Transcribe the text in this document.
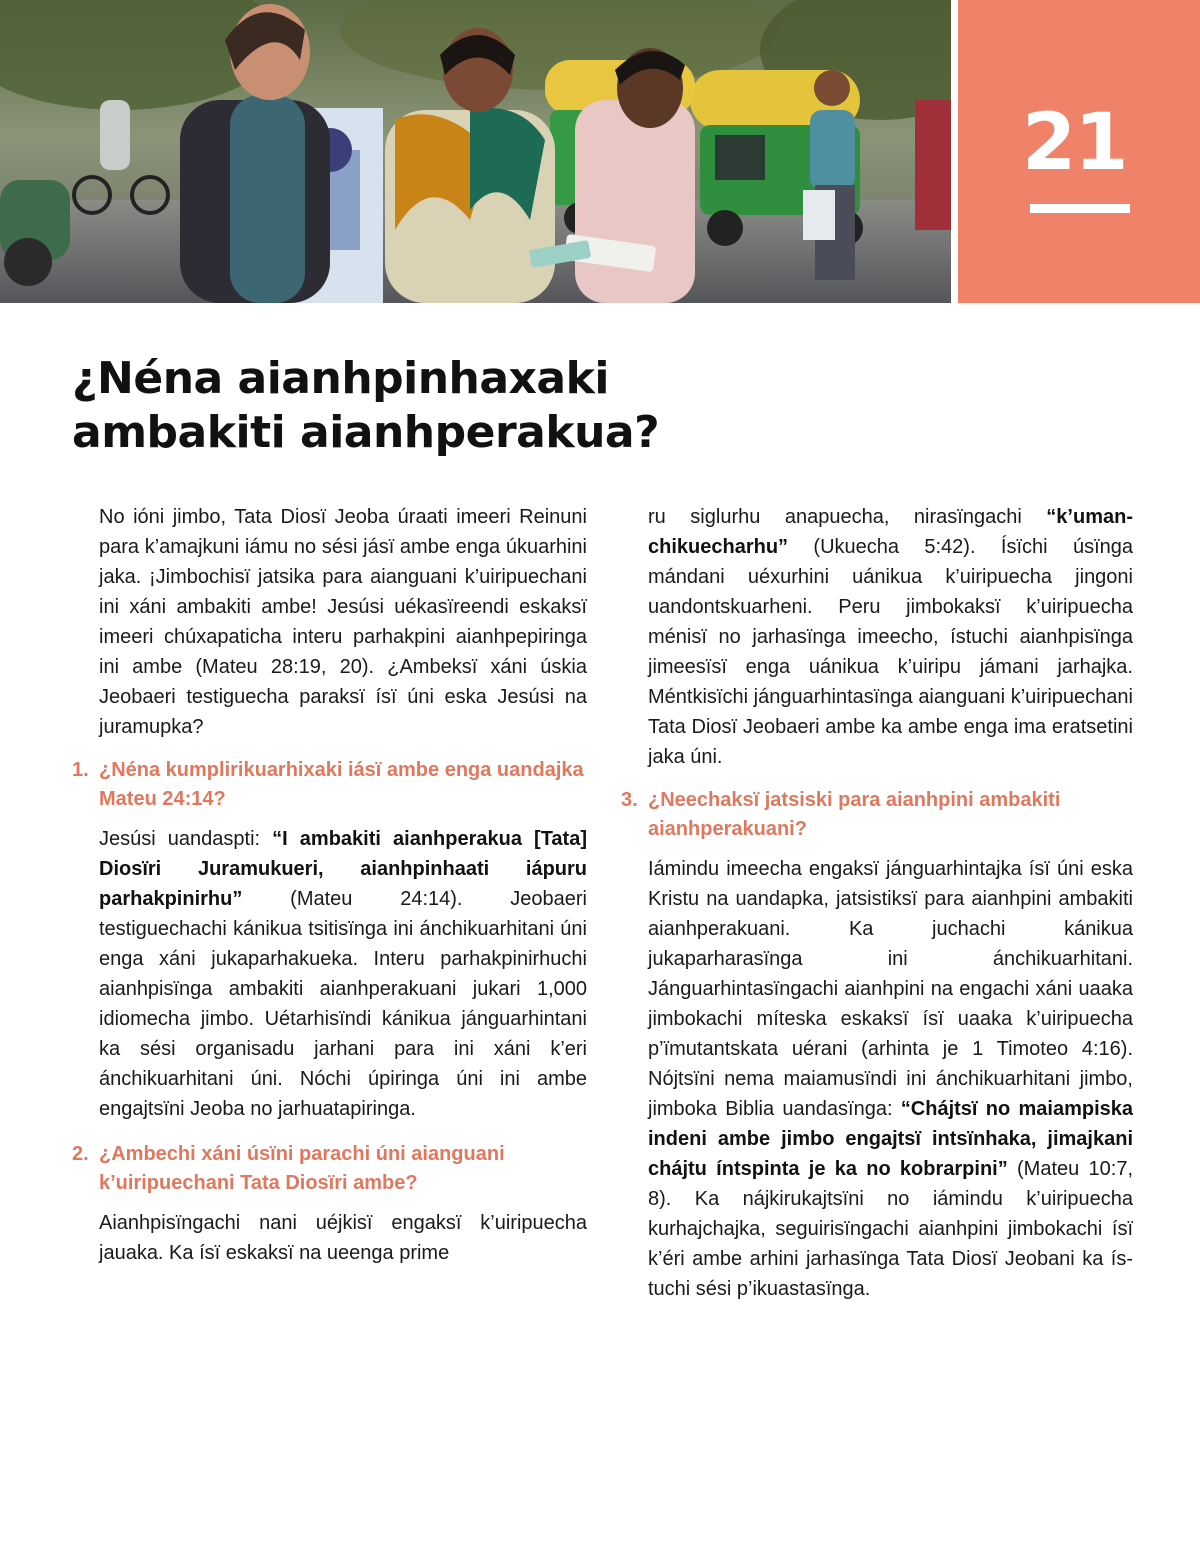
21
¿Néna aianhpinhaxaki
ambakiti aianhperakua?

No ióni jimbo, Tata Diosï Jeoba úraati imeeri Reinuni para k’amajkuni iámu no sési jásï ambe enga úkuarhini jaka. ¡Jimbochisï jatsika para aianguani k’uiripuechani ini xáni ambakiti ambe! Jesúsi uékasïreendi eskaksï imeeri chúxapaticha interu parhakpini aianhpepiringa ini ambe (Mateu 28:19, 20). ¿Ambeksï xáni úskia Jeobaeri testiguecha paraksï ísï úni eska Jesúsi na juramupka?

1. ¿Néna kumplirikuarhixaki iásï ambe enga uandajka Mateu 24:14?

Jesúsi uandaspti: “I ambakiti aianhperakua [Tata] Diosïri Juramukueri, aianhpinhaati iápuru parhakpinirhu” (Mateu 24:14). Jeobaeri testiguechachi kánikua tsitisïnga ini ánchikuarhitani úni enga xáni jukaparhakueka. Interu parhakpinirhuchi aianhpisïnga ambakiti aianhperakuani jukari 1,000 idiomecha jimbo. Uétarhisïndi kánikua jánguarhintani ka sési organisadu jarhani para ini xáni k’eri ánchikuarhitani úni. Nóchi úpiringa úni ini ambe engajtsïni Jeoba no jarhuatapiringa.

2. ¿Ambechi xáni úsïni parachi úni aianguani k’uiripuechani Tata Diosïri ambe?

Aianhpisïngachi nani uéjkisï engaksï k’uiripuecha jauaka. Ka ísï eskaksï na ueenga prime

ru siglurhu anapuecha, nirasïngachi “k’umanchikuecharhu” (Ukuecha 5:42). Ísïchi úsïnga mándani uéxurhini uánikua k’uiripuecha jingoni uandontskuarheni. Peru jimbokaksï k’uiripuecha ménisï no jarhasïnga imeecho, ístuchi aianhpisïnga jimeesïsï enga uánikua k’uiripu jámani jarhajka. Méntkisïchi jánguarhintasïnga aianguani k’uiripuechani Tata Diosï Jeobaeri ambe ka ambe enga ima eratsetini jaka úni.

3. ¿Neechaksï jatsiski para aianhpini ambakiti aianhperakuani?

Iámindu imeecha engaksï jánguarhintajka ísï úni eska Kristu na uandapka, jatsistiksï para aianhpini ambakiti aianhperakuani. Ka juchachi kánikua jukaparharasïnga ini ánchikuarhitani. Jánguarhintasïngachi aianhpini na engachi xáni uaaka jimbokachi míteska eskaksï ísï uaaka k’uiripuecha p’ïmutantskata uérani (arhinta je 1 Timoteo 4:16). Nójtsïni nema maiamusïndi ini ánchikuarhitani jimbo, jimboka Biblia uandasïnga: “Chájtsï no maiampiska indeni ambe jimbo engajtsï intsïnhaka, jimajkani chájtu íntspinta je ka no kobrarpini” (Mateu 10:7, 8). Ka nájkirukajtsïni no iámindu k’uiripuecha kurhajchajka, seguirisïngachi aianhpini jimbokachi ísï k’éri ambe arhini jarhasïnga Tata Diosï Jeobani ka ístuchi sési p’ikuastasïnga.
